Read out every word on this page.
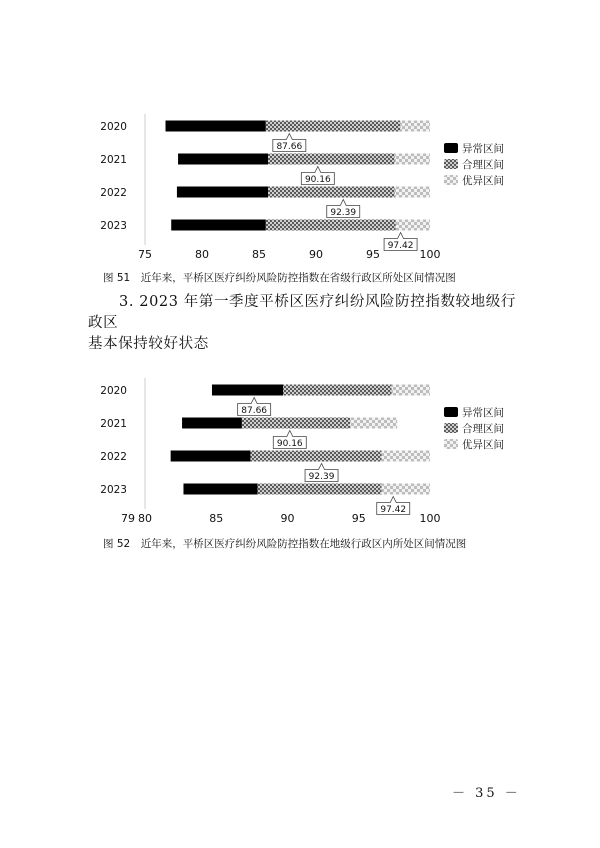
2020
87.66
2021
90.16
2022
92.39
2023
97.42
75	80	85	90	95	100
异常区间
合理区间
优异区间
图 51　近年来，平桥区医疗纠纷风险防控指数在省级行政区所处区间情况图
3. 2023 年第一季度平桥区医疗纠纷风险防控指数较地级行政区
基本保持较好状态
2020
87.66
2021
90.16
2022
92.39
2023
97.42
79 80	85	90	95	100
异常区间
合理区间
优异区间
图 52　近年来，平桥区医疗纠纷风险防控指数在地级行政区内所处区间情况图
－ 35 －
